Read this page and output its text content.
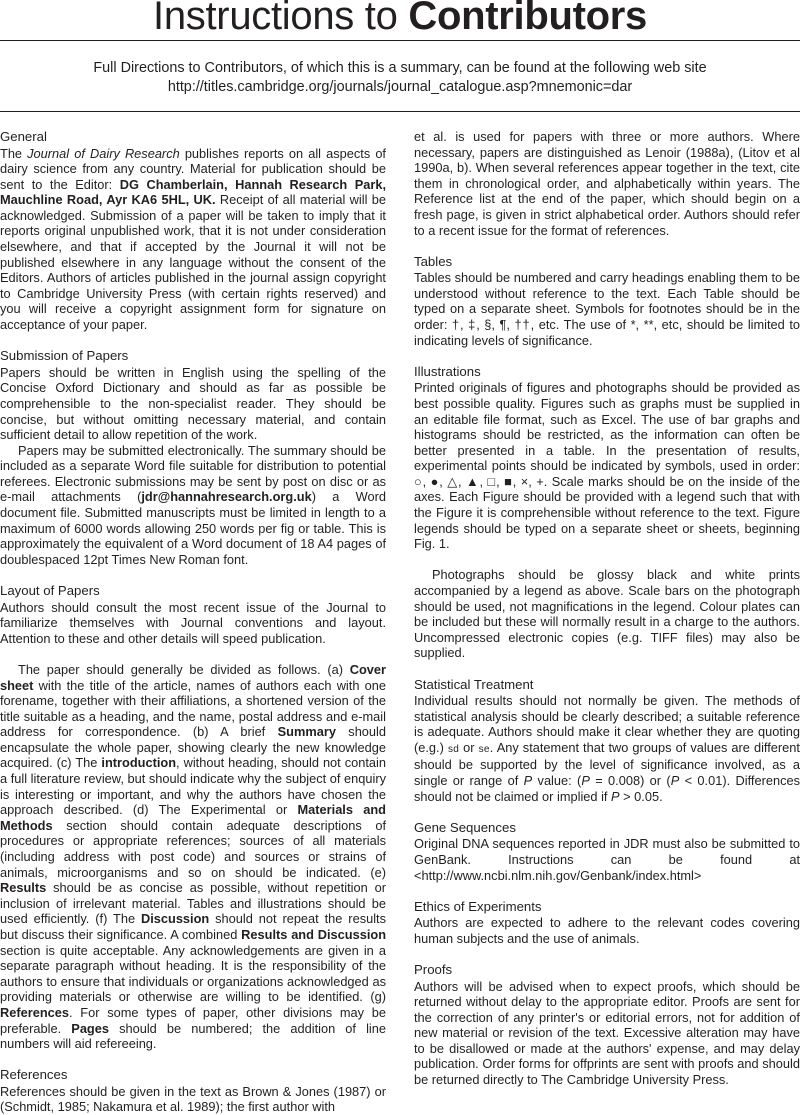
Instructions to Contributors
Full Directions to Contributors, of which this is a summary, can be found at the following web site
http://titles.cambridge.org/journals/journal_catalogue.asp?mnemonic=dar
General

The Journal of Dairy Research publishes reports on all aspects of dairy science from any country. Material for publication should be sent to the Editor: DG Chamberlain, Hannah Research Park, Mauchline Road, Ayr KA6 5HL, UK. Receipt of all material will be acknowledged. Submission of a paper will be taken to imply that it reports original unpublished work, that it is not under consideration elsewhere, and that if accepted by the Journal it will not be published elsewhere in any language without the consent of the Editors. Authors of articles published in the journal assign copyright to Cambridge University Press (with certain rights reserved) and you will receive a copyright assignment form for signature on acceptance of your paper.

Submission of Papers

Papers should be written in English using the spelling of the Concise Oxford Dictionary and should as far as possible be comprehensible to the non-specialist reader. They should be concise, but without omitting necessary material, and contain sufficient detail to allow repetition of the work.

Papers may be submitted electronically. The summary should be included as a separate Word file suitable for distribution to potential referees. Electronic submissions may be sent by post on disc or as e-mail attachments (jdr@hannahresearch.org.uk) a Word document file. Submitted manuscripts must be limited in length to a maximum of 6000 words allowing 250 words per fig or table. This is approximately the equivalent of a Word document of 18 A4 pages of doublespaced 12pt Times New Roman font.

Layout of Papers

Authors should consult the most recent issue of the Journal to familiarize themselves with Journal conventions and layout. Attention to these and other details will speed publication.

The paper should generally be divided as follows. (a) Cover sheet with the title of the article, names of authors each with one forename, together with their affiliations, a shortened version of the title suitable as a heading, and the name, postal address and e-mail address for correspondence. (b) A brief Summary should encapsulate the whole paper, showing clearly the new knowledge acquired. (c) The introduction, without heading, should not contain a full literature review, but should indicate why the subject of enquiry is interesting or important, and why the authors have chosen the approach described. (d) The Experimental or Materials and Methods section should contain adequate descriptions of procedures or appropriate references; sources of all materials (including address with post code) and sources or strains of animals, microorganisms and so on should be indicated. (e) Results should be as concise as possible, without repetition or inclusion of irrelevant material. Tables and illustrations should be used efficiently. (f) The Discussion should not repeat the results but discuss their significance. A combined Results and Discussion section is quite acceptable. Any acknowledgements are given in a separate paragraph without heading. It is the responsibility of the authors to ensure that individuals or organizations acknowledged as providing materials or otherwise are willing to be identified. (g) References. For some types of paper, other divisions may be preferable. Pages should be numbered; the addition of line numbers will aid refereeing.

References

References should be given in the text as Brown & Jones (1987) or (Schmidt, 1985; Nakamura et al. 1989); the first author with

et al. is used for papers with three or more authors. Where necessary, papers are distinguished as Lenoir (1988a), (Litov et al 1990a, b). When several references appear together in the text, cite them in chronological order, and alphabetically within years. The Reference list at the end of the paper, which should begin on a fresh page, is given in strict alphabetical order. Authors should refer to a recent issue for the format of references.

Tables

Tables should be numbered and carry headings enabling them to be understood without reference to the text. Each Table should be typed on a separate sheet. Symbols for footnotes should be in the order: †, ‡, §, ¶, ††, etc. The use of *, **, etc, should be limited to indicating levels of significance.

Illustrations

Printed originals of figures and photographs should be provided as best possible quality. Figures such as graphs must be supplied in an editable file format, such as Excel. The use of bar graphs and histograms should be restricted, as the information can often be better presented in a table. In the presentation of results, experimental points should be indicated by symbols, used in order: ○, ●, △, ▲, □, ■, ×, +. Scale marks should be on the inside of the axes. Each Figure should be provided with a legend such that with the Figure it is comprehensible without reference to the text. Figure legends should be typed on a separate sheet or sheets, beginning Fig. 1.

Photographs should be glossy black and white prints accompanied by a legend as above. Scale bars on the photograph should be used, not magnifications in the legend. Colour plates can be included but these will normally result in a charge to the authors. Uncompressed electronic copies (e.g. TIFF files) may also be supplied.

Statistical Treatment

Individual results should not normally be given. The methods of statistical analysis should be clearly described; a suitable reference is adequate. Authors should make it clear whether they are quoting (e.g.) sd or se. Any statement that two groups of values are different should be supported by the level of significance involved, as a single or range of P value: (P = 0.008) or (P < 0.01). Differences should not be claimed or implied if P > 0.05.

Gene Sequences

Original DNA sequences reported in JDR must also be submitted to GenBank. Instructions can be found at <http://www.ncbi.nlm.nih.gov/Genbank/index.html>

Ethics of Experiments

Authors are expected to adhere to the relevant codes covering human subjects and the use of animals.

Proofs

Authors will be advised when to expect proofs, which should be returned without delay to the appropriate editor. Proofs are sent for the correction of any printer's or editorial errors, not for addition of new material or revision of the text. Excessive alteration may have to be disallowed or made at the authors' expense, and may delay publication. Order forms for offprints are sent with proofs and should be returned directly to The Cambridge University Press.
